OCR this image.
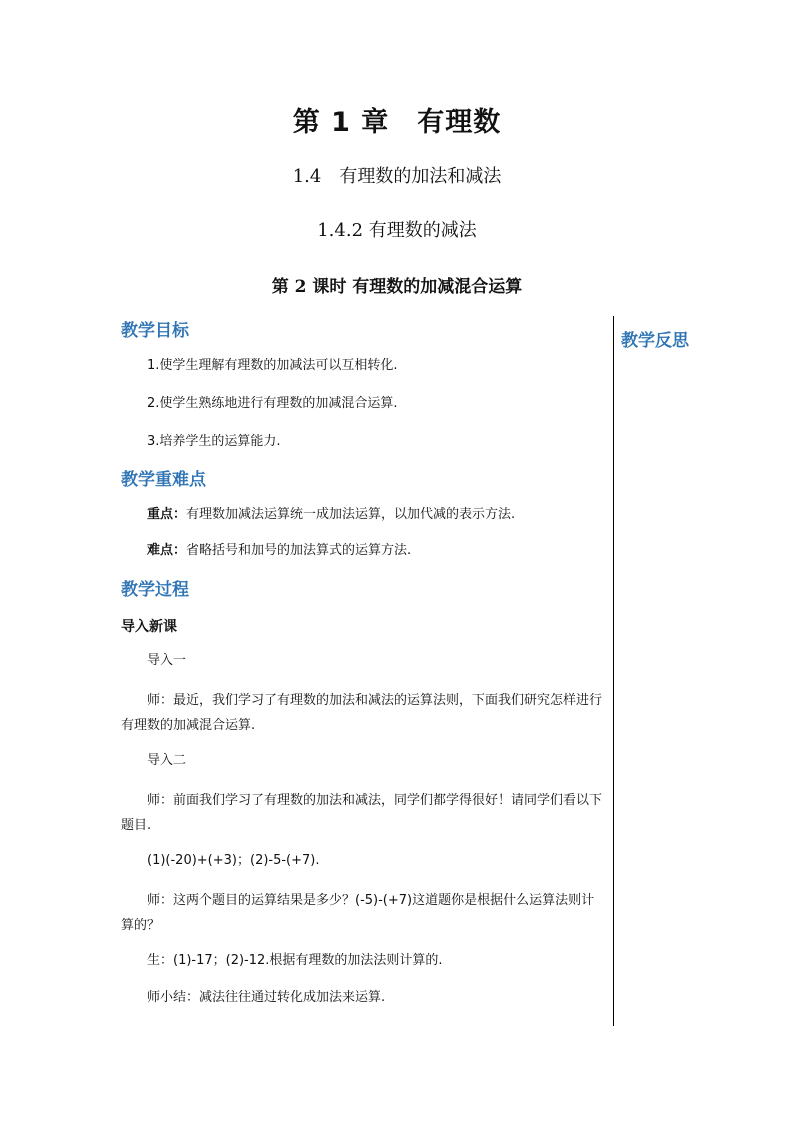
第 1 章　有理数
1.4　有理数的加法和减法
1.4.2 有理数的减法
第 2 课时 有理数的加减混合运算
教学反思
教学目标
1.使学生理解有理数的加减法可以互相转化.
2.使学生熟练地进行有理数的加减混合运算.
3.培养学生的运算能力.
教学重难点
重点：有理数加减法运算统一成加法运算，以加代减的表示方法.
难点：省略括号和加号的加法算式的运算方法.
教学过程
导入新课
导入一
师：最近，我们学习了有理数的加法和减法的运算法则，下面我们研究怎样进行有理数的加减混合运算.
导入二
师：前面我们学习了有理数的加法和减法，同学们都学得很好！请同学们看以下题目.
(1)(-20)+(+3)；(2)-5-(+7).
师：这两个题目的运算结果是多少？(-5)-(+7)这道题你是根据什么运算法则计算的？
生：(1)-17；(2)-12.根据有理数的加法法则计算的.
师小结：减法往往通过转化成加法来运算.
